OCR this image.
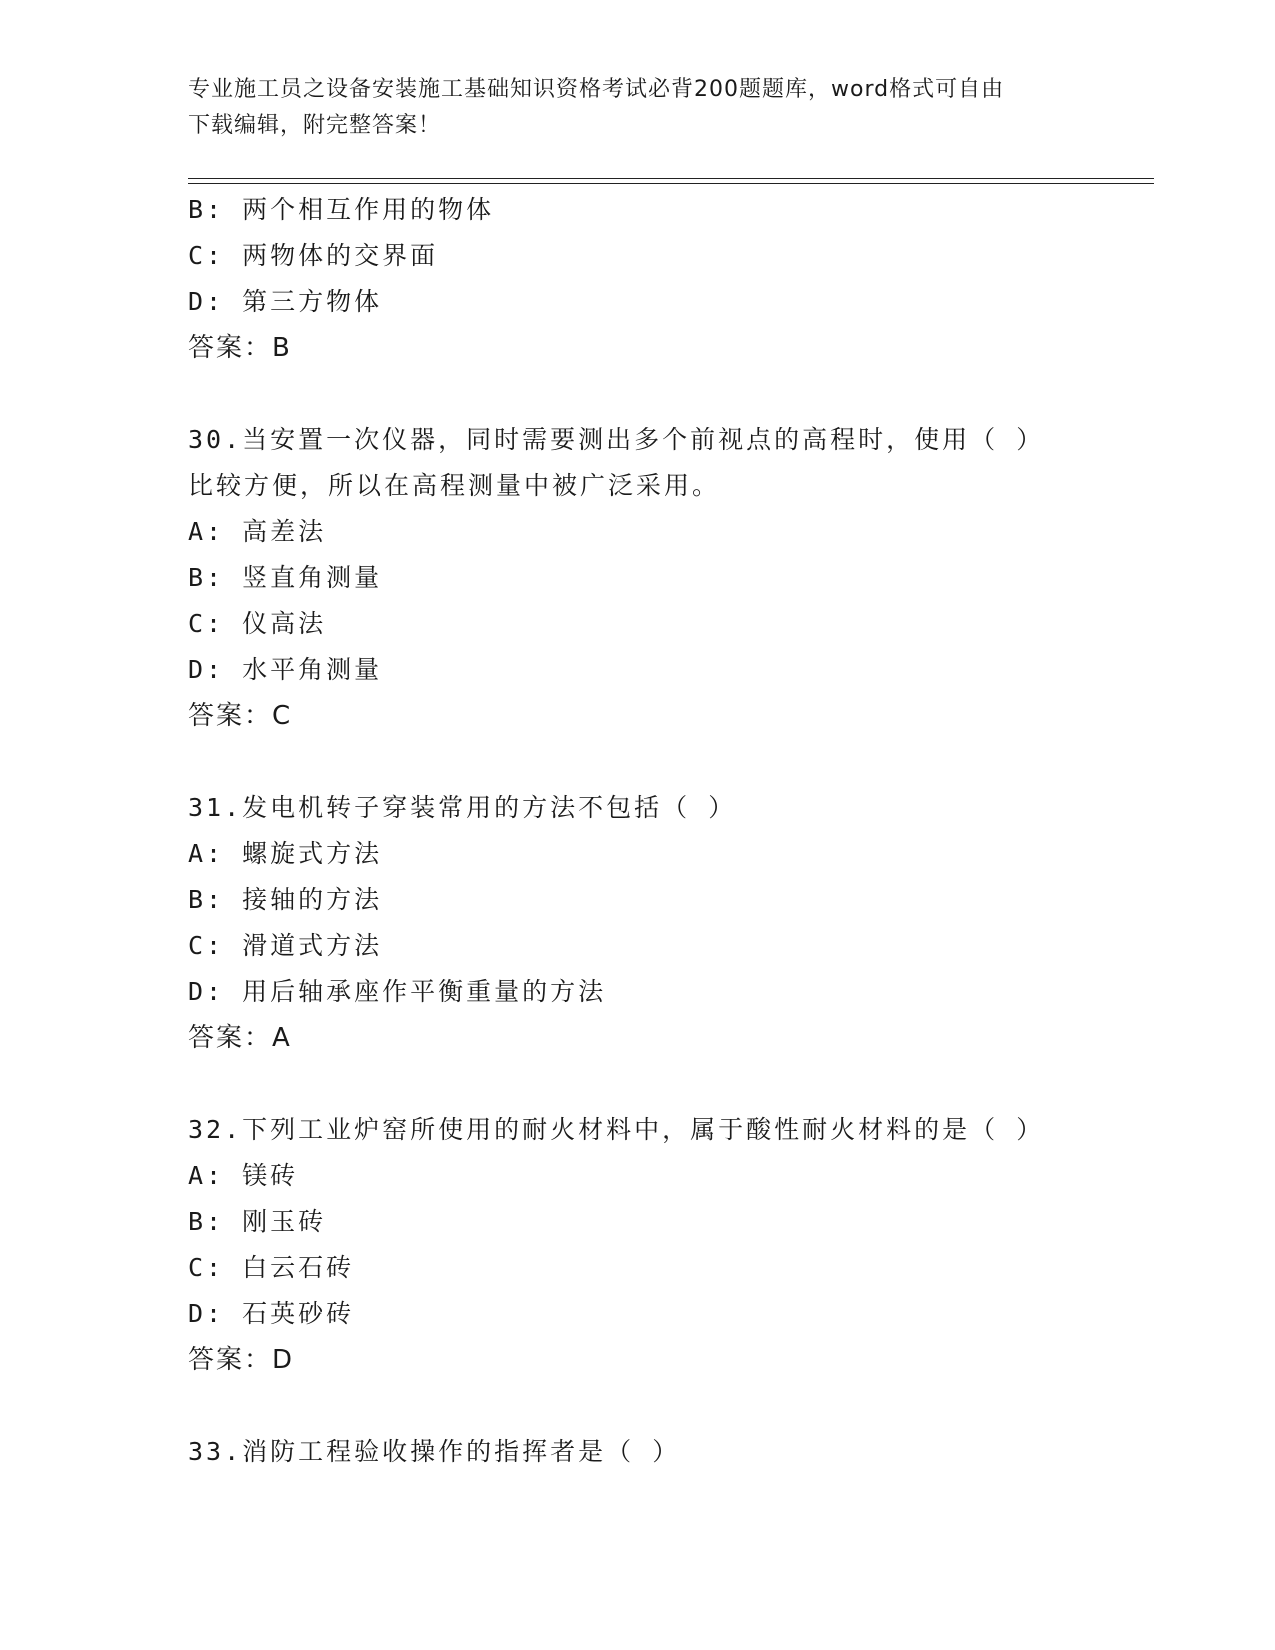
专业施工员之设备安装施工基础知识资格考试必背200题题库，word格式可自由
下载编辑，附完整答案！
B: 两个相互作用的物体
C: 两物体的交界面
D: 第三方物体
答案：B
30.当安置一次仪器，同时需要测出多个前视点的高程时，使用（ ）
比较方便，所以在高程测量中被广泛采用。
A: 高差法
B: 竖直角测量
C: 仪高法
D: 水平角测量
答案：C
31.发电机转子穿装常用的方法不包括（ ）
A: 螺旋式方法
B: 接轴的方法
C: 滑道式方法
D: 用后轴承座作平衡重量的方法
答案：A
32.下列工业炉窑所使用的耐火材料中，属于酸性耐火材料的是（ ）
A: 镁砖
B: 刚玉砖
C: 白云石砖
D: 石英砂砖
答案：D
33.消防工程验收操作的指挥者是（ ）
